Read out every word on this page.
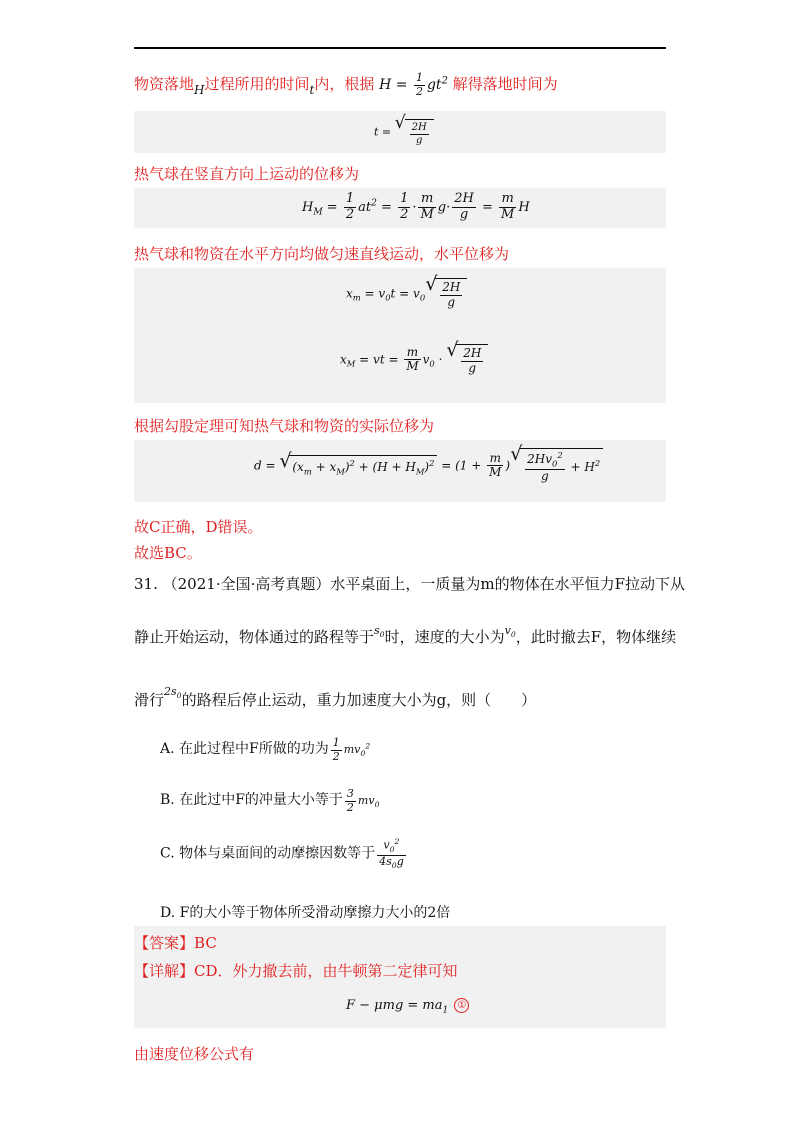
物资落地$_H$过程所用的时间$_t$内，根据 $H = \frac{1}{2} gt^2$ 解得落地时间为
t = √ $\frac{2H}{g}$
热气球在竖直方向上运动的位移为
$H_M = \frac{1}{2} at^2 = \frac{1}{2} \cdot \frac{m}{M} g\cdot \frac{2H}{g} = \frac{m}{M}$ H
热气球和物资在水平方向均做匀速直线运动，水平位移为
$x_m = v_0t = v_0$
√ $\frac{2H}{g}$
$x_M$ = vt = $\frac{m}{M} v_0$ · √ $\frac{2H}{g}$
根据勾股定理可知热气球和物资的实际位移为
d = √ $(x_m + x_M)^2 + (H + H_M)^2 = (1 + \frac{m}{M}$ )
√ $\frac{2Hv_0^2}{g} + H^2$
故C正确，D错误。
故选BC。
31. （2021·全国·高考真题）水平桌面上，一质量为m的物体在水平恒力F拉动下从
静止开始运动，物体通过的路程等于$^{s_0}$时，速度的大小为$^{v_0}$，此时撤去F，物体继续
滑行$^{2s_0}$的路程后停止运动，重力加速度大小为g，则（　　）
A. 在此过程中F所做的功为 $\frac{1}{2} mv_0^2$
B. 在此过中F的冲量大小等于 $\frac{3}{2} mv_0$
C. 物体与桌面间的动摩擦因数等于 $\frac{v_0^2}{4s_0g}$
D. F的大小等于物体所受滑动摩擦力大小的2倍
【答案】BC
【详解】CD．外力撤去前，由牛顿第二定律可知
$F - \mu mg = ma_1$ ①
由速度位移公式有
